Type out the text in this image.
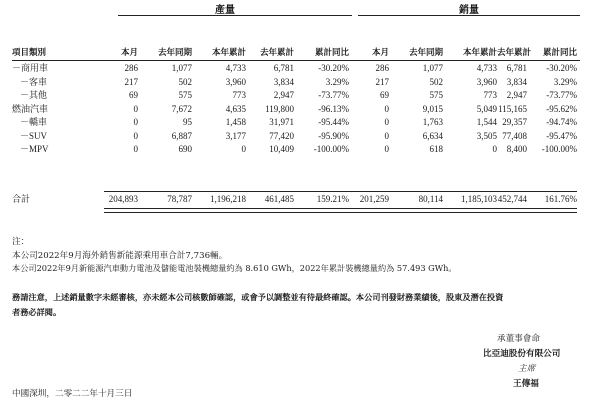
產量	銷量
項目類別	本月	去年同期	本年累計	去年累計	累計同比	本月	去年同期	本年累計 去年累計	累計同比
－商用車	286	1,077	4,733	6,781	-30.20%	286	1,077	4,733	6,781	-30.20%
－客車	217	502	3,960	3,834	3.29%	217	502	3,960	3,834	3.29%
－其他	69	575	773	2,947	-73.77%	69	575	773	2,947	-73.77%
燃油汽車	0	7,672	4,635	119,800	-96.13%	0	9,015	5,049	115,165	-95.62%
－轎車	0	95	1,458	31,971	-95.44%	0	1,763	1,544	29,357	-94.74%
－SUV	0	6,887	3,177	77,420	-95.90%	0	6,634	3,505	77,408	-95.47%
－MPV	0	690	0	10,409	-100.00%	0	618	0	8,400	-100.00%
合計	204,893	78,787	1,196,218	461,485	159.21%	201,259	80,114	1,185,103	452,744	161.76%
注：
本公司2022年9月海外銷售新能源乘用車合計7,736輛。
本公司2022年9月新能源汽車動力電池及儲能電池裝機總量約為 8.610 GWh，2022年累計裝機總量約為 57.493 GWh。
務請注意，上述銷量數字未經審核，亦未經本公司核數師確認，或會予以調整並有待最終確認。本公司刊發財務業績後，股東及潛在投資
者務必詳閱。
承董事會命
比亞迪股份有限公司
主席
王傳福
中國深圳，二零二二年十月三日
